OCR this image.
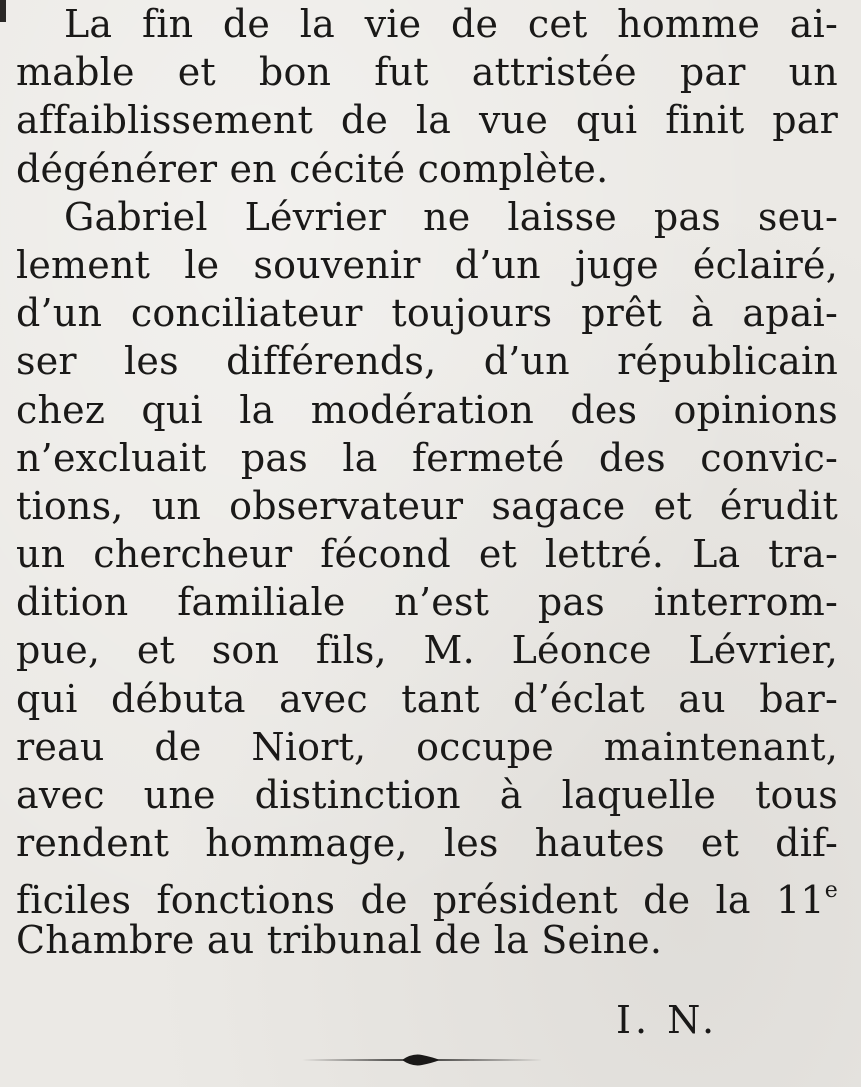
La fin de la vie de cet homme ai-
mable et bon fut attristée par un
affaiblissement de la vue qui finit par
dégénérer en cécité complète.
Gabriel Lévrier ne laisse pas seu-
lement le souvenir d’un juge éclairé,
d’un conciliateur toujours prêt à apai-
ser les différends, d’un républicain
chez qui la modération des opinions
n’excluait pas la fermeté des convic-
tions, un observateur sagace et érudit
un chercheur fécond et lettré. La tra-
dition familiale n’est pas interrom-
pue, et son fils, M. Léonce Lévrier,
qui débuta avec tant d’éclat au bar-
reau de Niort, occupe maintenant,
avec une distinction à laquelle tous
rendent hommage, les hautes et dif-
ficiles fonctions de président de la 11e
Chambre au tribunal de la Seine.
I. N.
